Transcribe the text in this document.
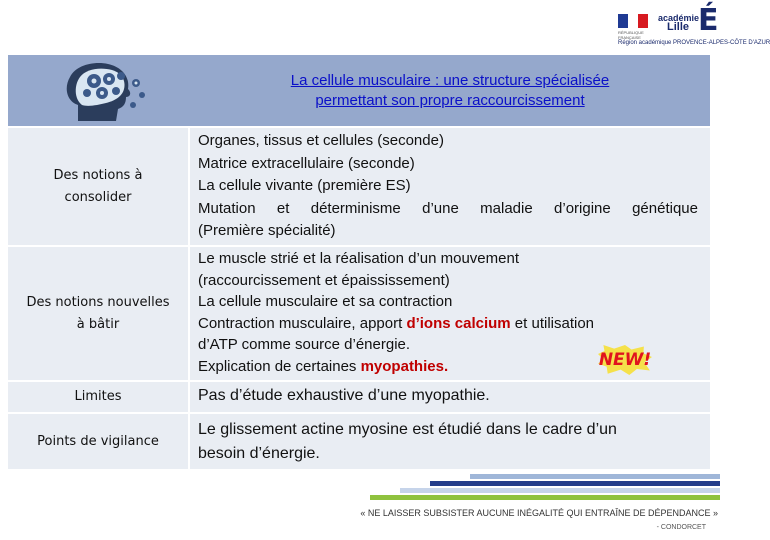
RÉPUBLIQUE FRANÇAISE
académie
Lille É
Région académique PROVENCE-ALPES-CÔTE D'AZUR
La cellule musculaire : une structure spécialisée
permettant son propre raccourcissement
Des notions à
consolider
Organes, tissus et cellules (seconde)
Matrice extracellulaire (seconde)
La cellule vivante (première ES)
Mutation et déterminisme d’une maladie d’origine génétique
(Première spécialité)
Des notions nouvelles
à bâtir
Le muscle strié et la réalisation d’un mouvement
(raccourcissement et épaississement)
La cellule musculaire et sa contraction
Contraction musculaire, apport d’ions calcium et utilisation
d’ATP comme source d’énergie.
Explication de certaines myopathies.	NEW!
Limites	Pas d’étude exhaustive d’une myopathie.
Points de vigilance
Le glissement actine myosine est étudié dans le cadre d’un
besoin d’énergie.
« NE LAISSER SUBSISTER AUCUNE INÉGALITÉ QUI ENTRAÎNE DE DÉPENDANCE »
- CONDORCET
